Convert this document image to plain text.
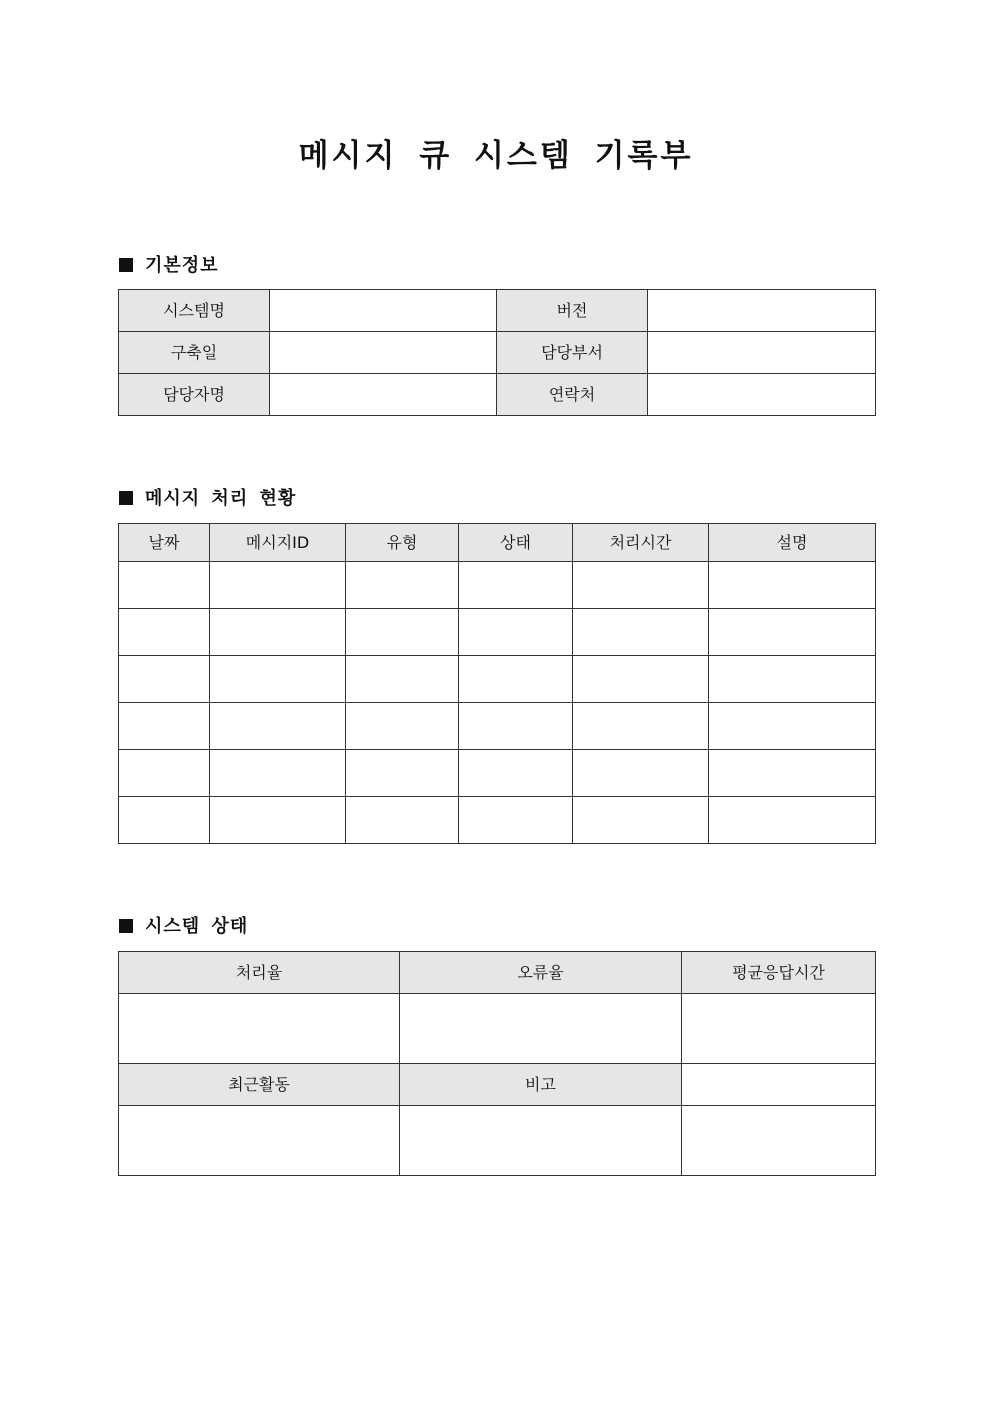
메시지 큐 시스템 기록부
기본정보
시스템명		버전	
구축일		담당부서	
담당자명		연락처	
메시지 처리 현황
날짜	메시지ID	유형	상태	처리시간	설명

시스템 상태
처리율	오류율	평균응답시간

최근활동	비고	
